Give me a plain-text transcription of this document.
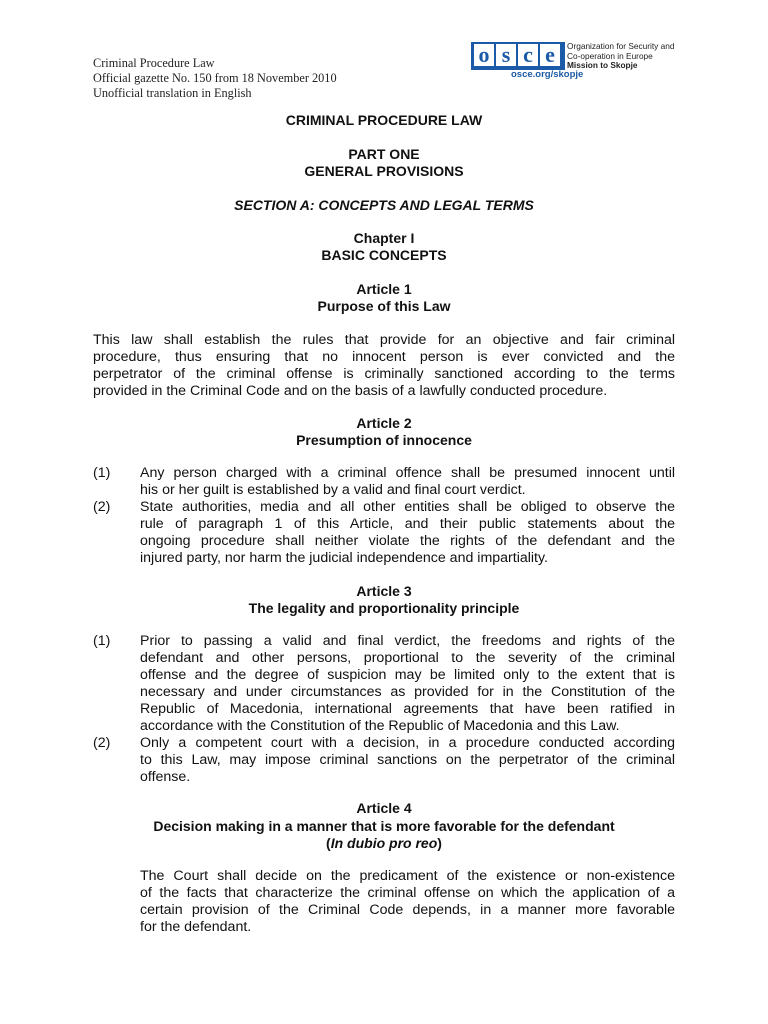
Criminal Procedure Law
Official gazette No. 150 from 18 November 2010
Unofficial translation in English
o s c e	Organization for Security and
Co-operation in Europe
Mission to Skopje
osce.org/skopje
CRIMINAL PROCEDURE LAW
PART ONE
GENERAL PROVISIONS
SECTION A: CONCEPTS AND LEGAL TERMS
Chapter I
BASIC CONCEPTS
Article 1
Purpose of this Law
This law shall establish the rules that provide for an objective and fair criminal
procedure, thus ensuring that no innocent person is ever convicted and the
perpetrator of the criminal offense is criminally sanctioned according to the terms
provided in the Criminal Code and on the basis of a lawfully conducted procedure.
Article 2
Presumption of innocence
(1) Any person charged with a criminal offence shall be presumed innocent until
his or her guilt is established by a valid and final court verdict.
(2) State authorities, media and all other entities shall be obliged to observe the
rule of paragraph 1 of this Article, and their public statements about the
ongoing procedure shall neither violate the rights of the defendant and the
injured party, nor harm the judicial independence and impartiality.
Article 3
The legality and proportionality principle
(1) Prior to passing a valid and final verdict, the freedoms and rights of the
defendant and other persons, proportional to the severity of the criminal
offense and the degree of suspicion may be limited only to the extent that is
necessary and under circumstances as provided for in the Constitution of the
Republic of Macedonia, international agreements that have been ratified in
accordance with the Constitution of the Republic of Macedonia and this Law.
(2) Only a competent court with a decision, in a procedure conducted according
to this Law, may impose criminal sanctions on the perpetrator of the criminal
offense.
Article 4
Decision making in a manner that is more favorable for the defendant
(In dubio pro reo)
The Court shall decide on the predicament of the existence or non-existence
of the facts that characterize the criminal offense on which the application of a
certain provision of the Criminal Code depends, in a manner more favorable
for the defendant.
